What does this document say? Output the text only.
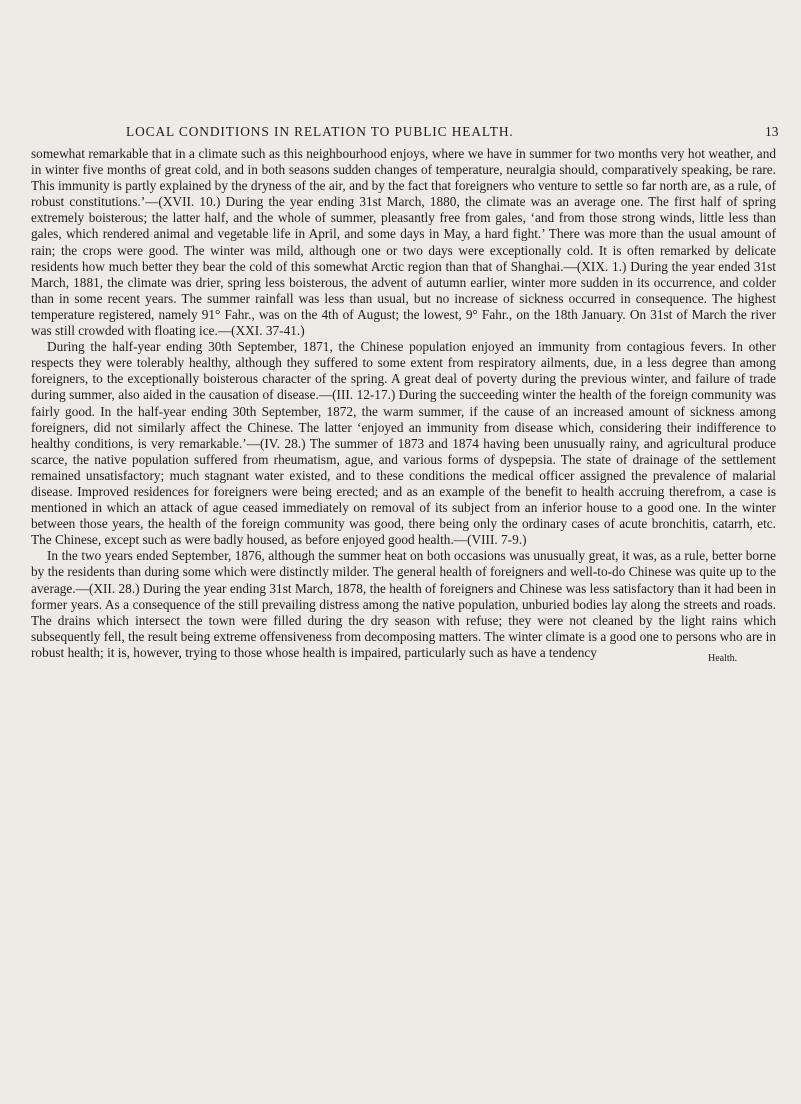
LOCAL CONDITIONS IN RELATION TO PUBLIC HEALTH.	13

somewhat remarkable that in a climate such as this neighbourhood enjoys, where we have in summer for two months very hot weather, and in winter five months of great cold, and in both seasons sudden changes of temperature, neuralgia should, comparatively speaking, be rare. This immunity is partly explained by the dryness of the air, and by the fact that foreigners who venture to settle so far north are, as a rule, of robust constitutions.’—(XVII. 10.) During the year ending 31st March, 1880, the climate was an average one. The first half of spring extremely boisterous; the latter half, and the whole of summer, pleasantly free from gales, ‘and from those strong winds, little less than gales, which rendered animal and vegetable life in April, and some days in May, a hard fight.’ There was more than the usual amount of rain; the crops were good. The winter was mild, although one or two days were exceptionally cold. It is often remarked by delicate residents how much better they bear the cold of this somewhat Arctic region than that of Shanghai.—(XIX. 1.) During the year ended 31st March, 1881, the climate was drier, spring less boisterous, the advent of autumn earlier, winter more sudden in its occurrence, and colder than in some recent years. The summer rainfall was less than usual, but no increase of sickness occurred in consequence. The highest temperature registered, namely 91° Fahr., was on the 4th of August; the lowest, 9° Fahr., on the 18th January. On 31st of March the river was still crowded with floating ice.—(XXI. 37-41.)

During the half-year ending 30th September, 1871, the Chinese population enjoyed an immunity from contagious fevers. In other respects they were tolerably healthy, although they suffered to some extent from respiratory ailments, due, in a less degree than among foreigners, to the exceptionally boisterous character of the spring. A great deal of poverty during the previous winter, and failure of trade during summer, also aided in the causation of disease.—(III. 12-17.) During the succeeding winter the health of the foreign community was fairly good. In the half-year ending 30th September, 1872, the warm summer, if the cause of an increased amount of sickness among foreigners, did not similarly affect the Chinese. The latter ‘enjoyed an immunity from disease which, considering their indifference to healthy conditions, is very remarkable.’—(IV. 28.) The summer of 1873 and 1874 having been unusually rainy, and agricultural produce scarce, the native population suffered from rheumatism, ague, and various forms of dyspepsia. The state of drainage of the settlement remained unsatisfactory; much stagnant water existed, and to these conditions the medical officer assigned the prevalence of malarial disease. Improved residences for foreigners were being erected; and as an example of the benefit to health accruing therefrom, a case is mentioned in which an attack of ague ceased immediately on removal of its subject from an inferior house to a good one. In the winter between those years, the health of the foreign community was good, there being only the ordinary cases of acute bronchitis, catarrh, etc. The Chinese, except such as were badly housed, as before enjoyed good health.—(VIII. 7-9.)

In the two years ended September, 1876, although the summer heat on both occasions was unusually great, it was, as a rule, better borne by the residents than during some which were distinctly milder. The general health of foreigners and well-to-do Chinese was quite up to the average.—(XII. 28.) During the year ending 31st March, 1878, the health of foreigners and Chinese was less satisfactory than it had been in former years. As a consequence of the still prevailing distress among the native population, unburied bodies lay along the streets and roads. The drains which intersect the town were filled during the dry season with refuse; they were not cleaned by the light rains which subsequently fell, the result being extreme offensiveness from decomposing matters. The winter climate is a good one to persons who are in robust health; it is, however, trying to those whose health is impaired, particularly such as have a tendency	Health.
